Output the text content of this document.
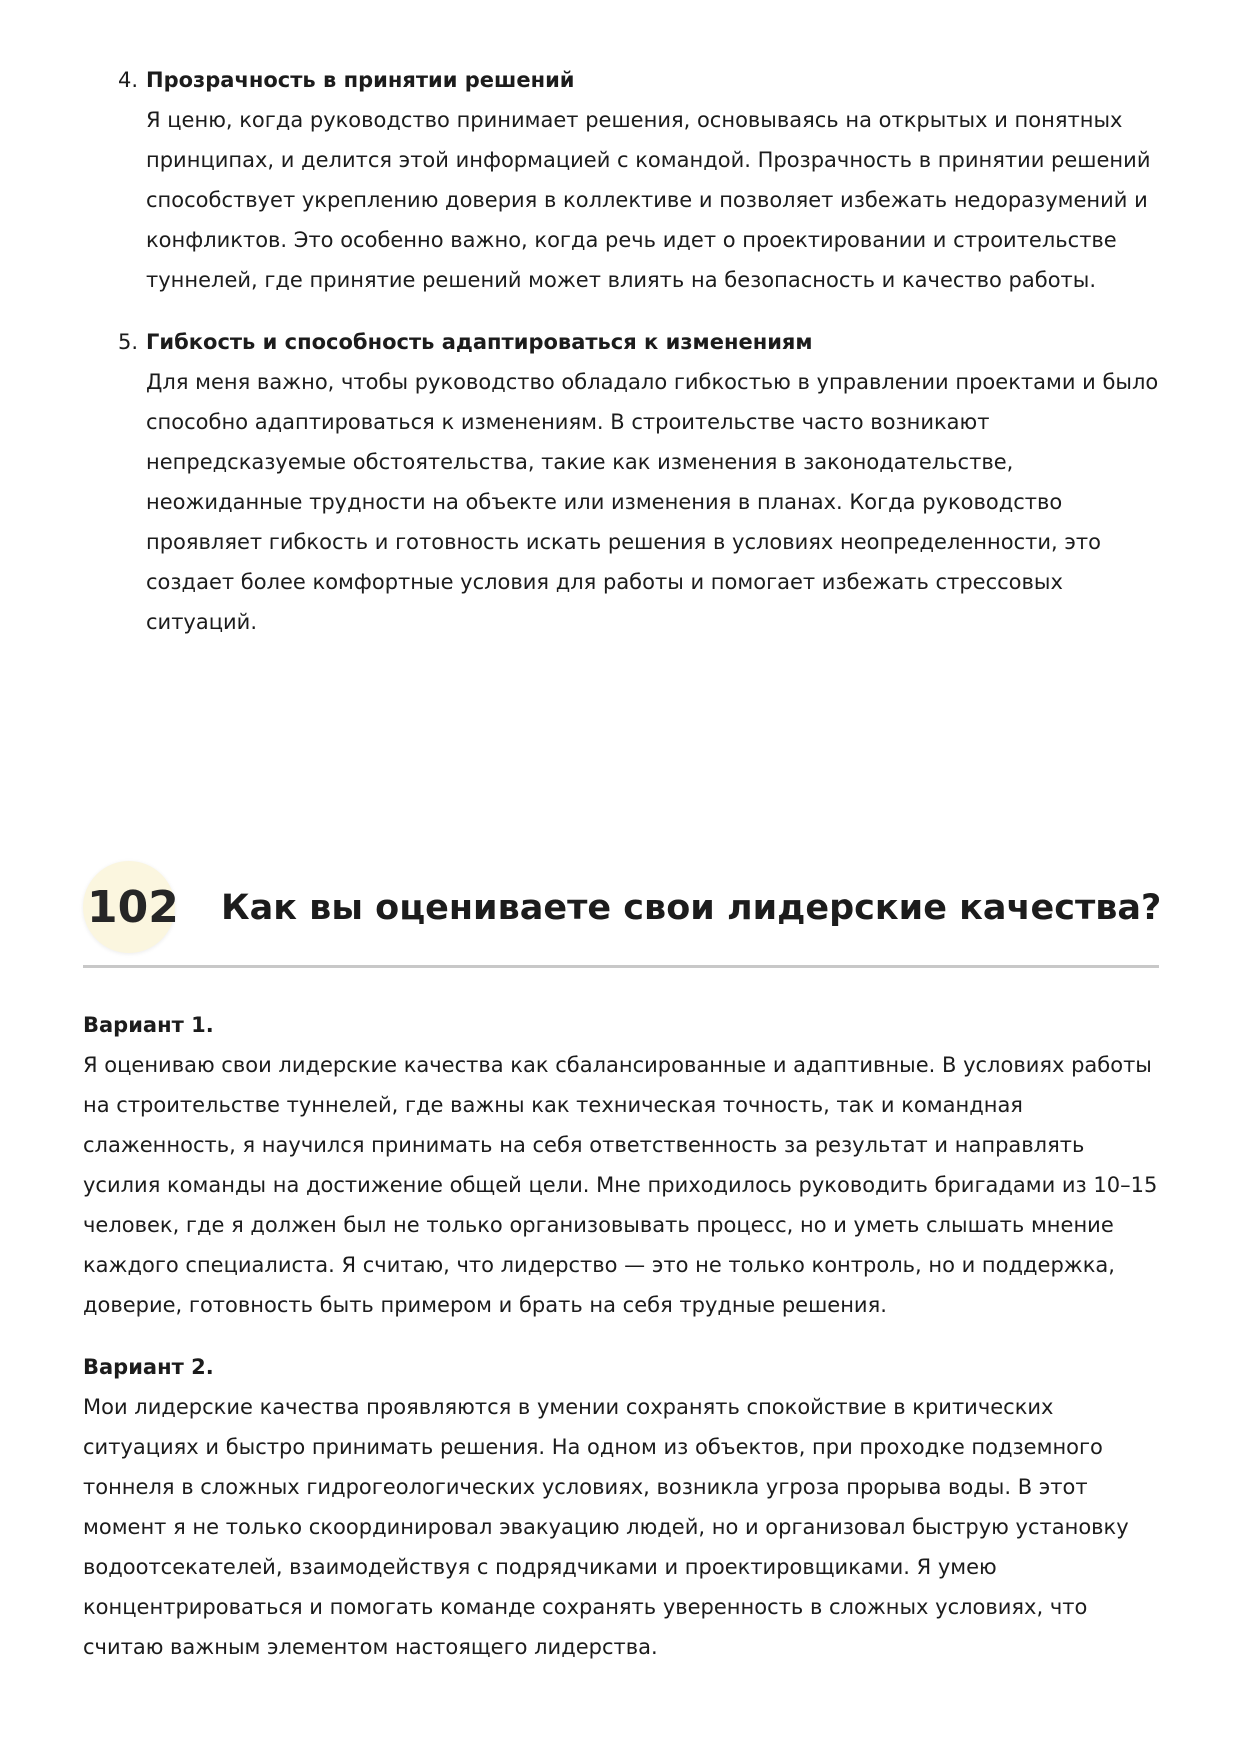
4. Прозрачность в принятии решений
Я ценю, когда руководство принимает решения, основываясь на открытых и понятных принципах, и делится этой информацией с командой. Прозрачность в принятии решений способствует укреплению доверия в коллективе и позволяет избежать недоразумений и конфликтов. Это особенно важно, когда речь идет о проектировании и строительстве туннелей, где принятие решений может влиять на безопасность и качество работы.
5. Гибкость и способность адаптироваться к изменениям
Для меня важно, чтобы руководство обладало гибкостью в управлении проектами и было способно адаптироваться к изменениям. В строительстве часто возникают непредсказуемые обстоятельства, такие как изменения в законодательстве, неожиданные трудности на объекте или изменения в планах. Когда руководство проявляет гибкость и готовность искать решения в условиях неопределенности, это создает более комфортные условия для работы и помогает избежать стрессовых ситуаций.
102 Как вы оцениваете свои лидерские качества?
Вариант 1.
Я оцениваю свои лидерские качества как сбалансированные и адаптивные. В условиях работы на строительстве туннелей, где важны как техническая точность, так и командная слаженность, я научился принимать на себя ответственность за результат и направлять усилия команды на достижение общей цели. Мне приходилось руководить бригадами из 10–15 человек, где я должен был не только организовывать процесс, но и уметь слышать мнение каждого специалиста. Я считаю, что лидерство — это не только контроль, но и поддержка, доверие, готовность быть примером и брать на себя трудные решения.
Вариант 2.
Мои лидерские качества проявляются в умении сохранять спокойствие в критических ситуациях и быстро принимать решения. На одном из объектов, при проходке подземного тоннеля в сложных гидрогеологических условиях, возникла угроза прорыва воды. В этот момент я не только скоординировал эвакуацию людей, но и организовал быструю установку водоотсекателей, взаимодействуя с подрядчиками и проектировщиками. Я умею концентрироваться и помогать команде сохранять уверенность в сложных условиях, что считаю важным элементом настоящего лидерства.
